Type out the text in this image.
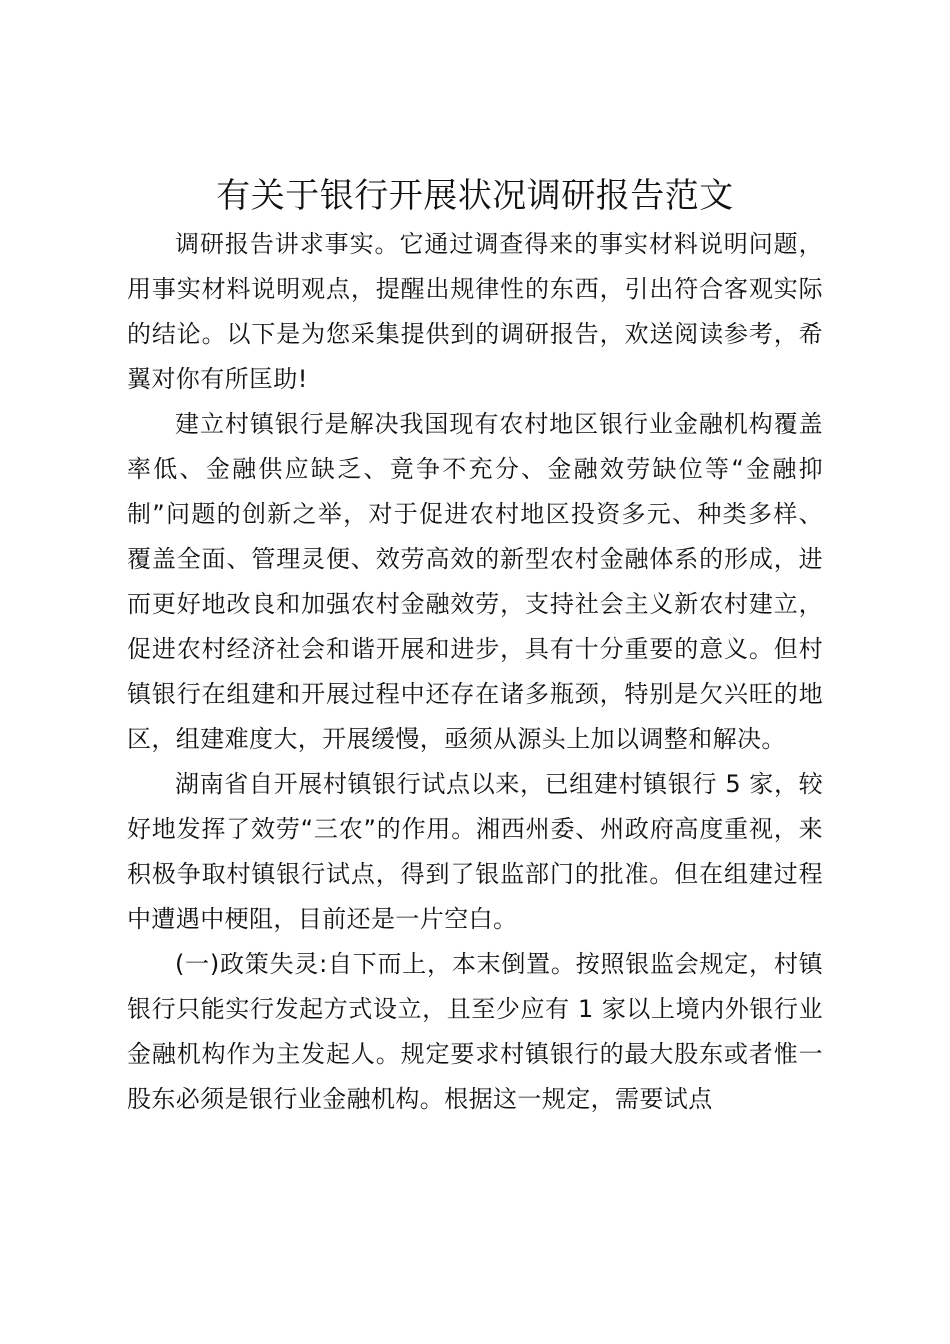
有关于银行开展状况调研报告范文

调研报告讲求事实。它通过调查得来的事实材料说明问题，用事实材料说明观点，提醒出规律性的东西，引出符合客观实际的结论。以下是为您采集提供到的调研报告，欢送阅读参考，希翼对你有所匡助!

建立村镇银行是解决我国现有农村地区银行业金融机构覆盖率低、金融供应缺乏、竟争不充分、金融效劳缺位等“金融抑制”问题的创新之举，对于促进农村地区投资多元、种类多样、覆盖全面、管理灵便、效劳高效的新型农村金融体系的形成，进而更好地改良和加强农村金融效劳，支持社会主义新农村建立，促进农村经济社会和谐开展和进步，具有十分重要的意义。但村镇银行在组建和开展过程中还存在诸多瓶颈，特别是欠兴旺的地区，组建难度大，开展缓慢，亟须从源头上加以调整和解决。

湖南省自开展村镇银行试点以来，已组建村镇银行 5 家，较好地发挥了效劳“三农”的作用。湘西州委、州政府高度重视，来积极争取村镇银行试点，得到了银监部门的批准。但在组建过程中遭遇中梗阻，目前还是一片空白。

(一)政策失灵:自下而上，本末倒置。按照银监会规定，村镇银行只能实行发起方式设立，且至少应有 1 家以上境内外银行业金融机构作为主发起人。规定要求村镇银行的最大股东或者惟一股东必须是银行业金融机构。根据这一规定，需要试点
